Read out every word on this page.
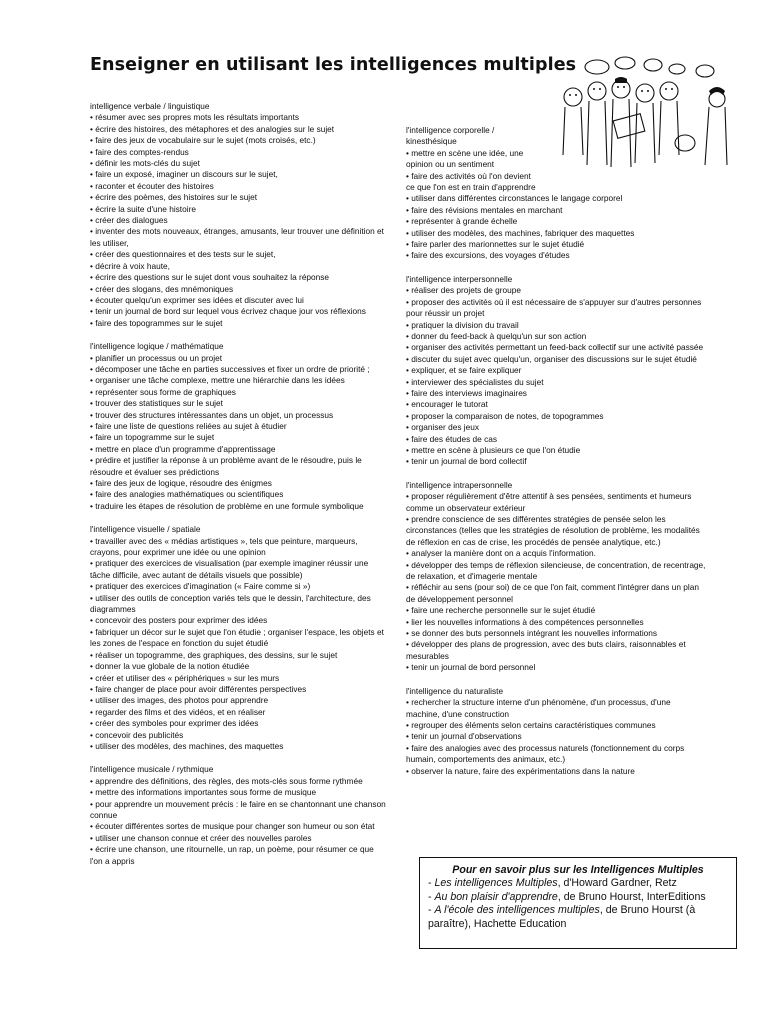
Enseigner en utilisant les intelligences multiples
intelligence verbale / linguistique
• résumer avec ses propres mots les résultats importants
• écrire des histoires, des métaphores et des analogies sur le sujet
• faire des jeux de vocabulaire sur le sujet (mots croisés, etc.)
• faire des comptes-rendus
• définir les mots-clés du sujet
• faire un exposé, imaginer un discours sur le sujet,
• raconter et écouter des histoires
• écrire des poèmes, des histoires sur le sujet
• écrire la suite d'une histoire
• créer des dialogues
• inventer des mots nouveaux, étranges, amusants, leur trouver une définition et les utiliser,
• créer des questionnaires et des tests sur le sujet,
• décrire à voix haute,
• écrire des questions sur le sujet dont vous souhaitez la réponse
• créer des slogans, des mnémoniques
• écouter quelqu'un exprimer ses idées et discuter avec lui
• tenir un journal de bord sur lequel vous écrivez chaque jour vos réflexions
• faire des topogrammes sur le sujet
l'intelligence logique / mathématique
• planifier un processus ou un projet
• décomposer une tâche en parties successives et fixer un ordre de priorité ;
• organiser une tâche complexe, mettre une hiérarchie dans les idées
• représenter sous forme de graphiques
• trouver des statistiques sur le sujet
• trouver des structures intéressantes dans un objet, un processus
• faire une liste de questions reliées au sujet à étudier
• faire un topogramme sur le sujet
• mettre en place d'un programme d'apprentissage
• prédire et justifier la réponse à un problème avant de le résoudre, puis le résoudre et évaluer ses prédictions
• faire des jeux de logique, résoudre des énigmes
• faire des analogies mathématiques ou scientifiques
• traduire les étapes de résolution de problème en une formule symbolique
l'intelligence visuelle / spatiale
• travailler avec des « médias artistiques », tels que peinture, marqueurs, crayons, pour exprimer une idée ou une opinion
• pratiquer des exercices de visualisation (par exemple imaginer réussir une tâche difficile, avec autant de détails visuels que possible)
• pratiquer des exercices d'imagination (« Faire comme si »)
• utiliser des outils de conception variés tels que le dessin, l'architecture, des diagrammes
• concevoir des posters pour exprimer des idées
• fabriquer un décor sur le sujet que l'on étudie ; organiser l'espace, les objets et les zones de l'espace en fonction du sujet étudié
• réaliser un topogramme, des graphiques, des dessins, sur le sujet
• donner la vue globale de la notion étudiée
• créer et utiliser des « périphériques » sur les murs
• faire changer de place pour avoir différentes perspectives
• utiliser des images, des photos pour apprendre
• regarder des films et des vidéos, et en réaliser
• créer des symboles pour exprimer des idées
• concevoir des publicités
• utiliser des modèles, des machines, des maquettes
l'intelligence musicale / rythmique
• apprendre des définitions, des règles, des mots-clés sous forme rythmée
• mettre des informations importantes sous forme de musique
• pour apprendre un mouvement précis : le faire en se chantonnant une chanson connue
• écouter différentes sortes de musique pour changer son humeur ou son état
• utiliser une chanson connue et créer des nouvelles paroles
• écrire une chanson, une ritournelle, un rap, un poème, pour résumer ce que l'on a appris
l'intelligence corporelle / kinesthésique
• mettre en scène une idée, une opinion ou un sentiment
• faire des activités où l'on devient ce que l'on est en train d'apprendre
• utiliser dans différentes circonstances le langage corporel
• faire des révisions mentales en marchant
• représenter à grande échelle
• utiliser des modèles, des machines, fabriquer des maquettes
• faire parler des marionnettes sur le sujet étudié
• faire des excursions, des voyages d'études
l'intelligence interpersonnelle
• réaliser des projets de groupe
• proposer des activités où il est nécessaire de s'appuyer sur d'autres personnes pour réussir un projet
• pratiquer la division du travail
• donner du feed-back à quelqu'un sur son action
• organiser des activités permettant un feed-back collectif sur une activité passée
• discuter du sujet avec quelqu'un, organiser des discussions sur le sujet étudié
• expliquer, et se faire expliquer
• interviewer des spécialistes du sujet
• faire des interviews imaginaires
• encourager le tutorat
• proposer la comparaison de notes, de topogrammes
• organiser des jeux
• faire des études de cas
• mettre en scène à plusieurs ce que l'on étudie
• tenir un journal de bord collectif
l'intelligence intrapersonnelle
• proposer régulièrement d'être attentif à ses pensées, sentiments et humeurs comme un observateur extérieur
• prendre conscience de ses différentes stratégies de pensée selon les circonstances (telles que les stratégies de résolution de problème, les modalités de réflexion en cas de crise, les procédés de pensée analytique, etc.)
• analyser la manière dont on a acquis l'information.
• développer des temps de réflexion silencieuse, de concentration, de recentrage, de relaxation, et d'imagerie mentale
• réfléchir au sens (pour soi) de ce que l'on fait, comment l'intégrer dans un plan de développement personnel
• faire une recherche personnelle sur le sujet étudié
• lier les nouvelles informations à des compétences personnelles
• se donner des buts personnels intégrant les nouvelles informations
• développer des plans de progression, avec des buts clairs, raisonnables et mesurables
• tenir un journal de bord personnel
l'intelligence du naturaliste
• rechercher la structure interne d'un phénomène, d'un processus, d'une machine, d'une construction
• regrouper des éléments selon certains caractéristiques communes
• tenir un journal d'observations
• faire des analogies avec des processus naturels (fonctionnement du corps humain, comportements des animaux, etc.)
• observer la nature, faire des expérimentations dans la nature
Pour en savoir plus sur les Intelligences Multiples
- Les intelligences Multiples, d'Howard Gardner, Retz
- Au bon plaisir d'apprendre, de Bruno Hourst, InterEditions
- A l'école des intelligences multiples, de Bruno Hourst (à paraître), Hachette Education
